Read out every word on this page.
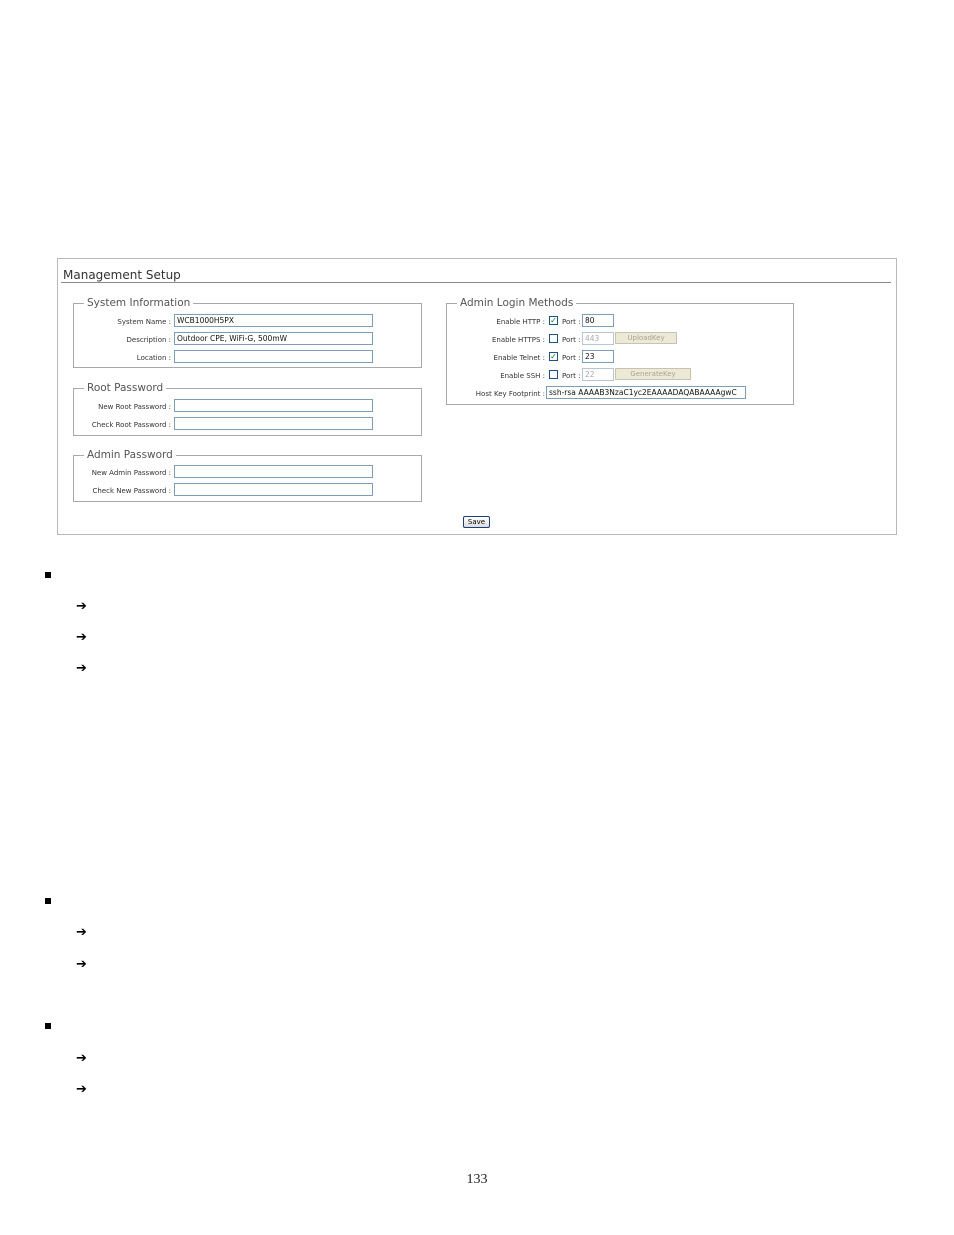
Management Setup
System Information
System Name : WCB1000H5PX
Description : Outdoor CPE, WiFi-G, 500mW
Location :
Root Password
New Root Password :
Check Root Password :
Admin Password
New Admin Password :
Check New Password :
Admin Login Methods
Enable HTTP : ✓ Port : 80
Enable HTTPS : Port : 443	UploadKey
Enable Telnet : ✓ Port : 23
Enable SSH : Port : 22	GenerateKey
Host Key Footprint : ssh-rsa AAAAB3NzaC1yc2EAAAADAQABAAAAgwC
Save
➔
➔
➔
➔
➔
➔
➔
133
